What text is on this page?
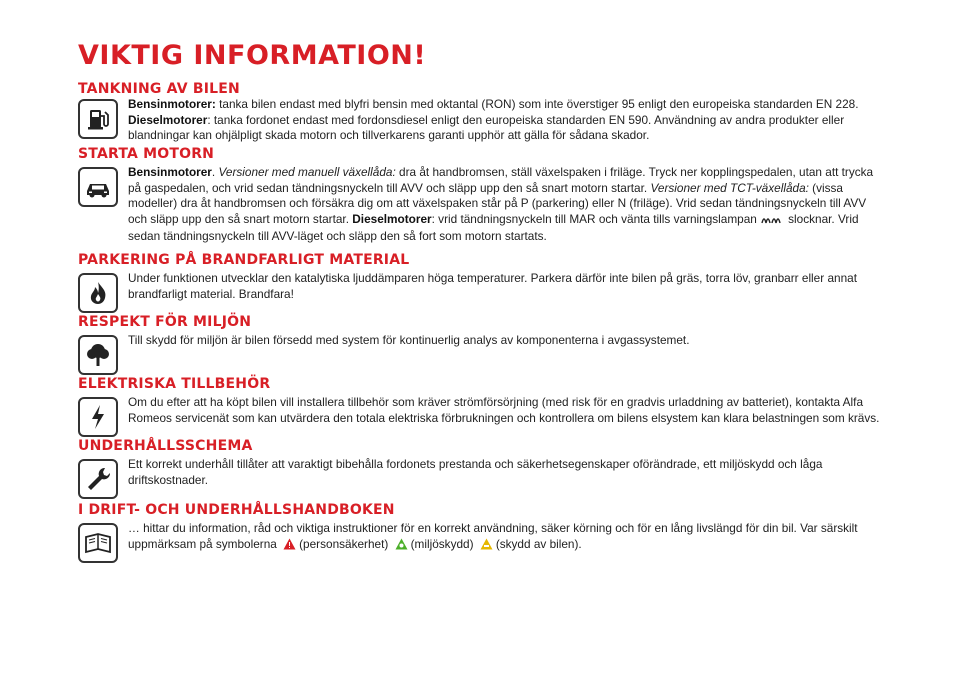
VIKTIG INFORMATION!
TANKNING AV BILEN
Bensinmotorer: tanka bilen endast med blyfri bensin med oktantal (RON) som inte överstiger 95 enligt den europeiska standarden EN 228.
Dieselmotorer: tanka fordonet endast med fordonsdiesel enligt den europeiska standarden EN 590. Användning av andra produkter eller blandningar kan ohjälpligt skada motorn och tillverkarens garanti upphör att gälla för sådana skador.
STARTA MOTORN
Bensinmotorer. Versioner med manuell växellåda: dra åt handbromsen, ställ växelspaken i friläge. Tryck ner kopplingspedalen, utan att trycka på gaspedalen, och vrid sedan tändningsnyckeln till AVV och släpp upp den så snart motorn startar. Versioner med TCT-växellåda: (vissa modeller) dra åt handbromsen och försäkra dig om att växelspaken står på P (parkering) eller N (friläge). Vrid sedan tändningsnyckeln till AVV och släpp upp den så snart motorn startar. Dieselmotorer: vrid tändningsnyckeln till MAR och vänta tills varningslampan slocknar. Vrid sedan tändningsnyckeln till AVV-läget och släpp den så fort som motorn startats.
PARKERING PÅ BRANDFARLIGT MATERIAL
Under funktionen utvecklar den katalytiska ljuddämparen höga temperaturer. Parkera därför inte bilen på gräs, torra löv, granbarr eller annat brandfarligt material. Brandfara!
RESPEKT FÖR MILJÖN
Till skydd för miljön är bilen försedd med system för kontinuerlig analys av komponenterna i avgassystemet.
ELEKTRISKA TILLBEHÖR
Om du efter att ha köpt bilen vill installera tillbehör som kräver strömförsörjning (med risk för en gradvis urladdning av batteriet), kontakta Alfa Romeos servicenät som kan utvärdera den totala elektriska förbrukningen och kontrollera om bilens elsystem kan klara belastningen som krävs.
UNDERHÅLLSSCHEMA
Ett korrekt underhåll tillåter att varaktigt bibehålla fordonets prestanda och säkerhetsegenskaper oförändrade, ett miljöskydd och låga driftskostnader.
I DRIFT- OCH UNDERHÅLLSHANDBOKEN
… hittar du information, råd och viktiga instruktioner för en korrekt användning, säker körning och för en lång livslängd för din bil. Var särskilt uppmärksam på symbolerna (personsäkerhet) (miljöskydd) (skydd av bilen).
